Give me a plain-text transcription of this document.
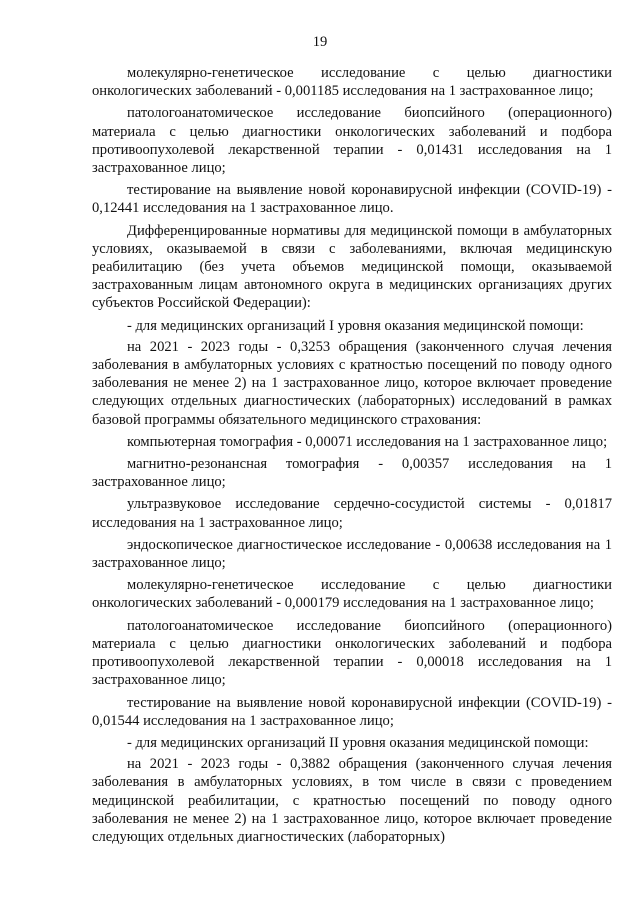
19

молекулярно-генетическое исследование с целью диагностики онкологических заболеваний - 0,001185 исследования на 1 застрахованное лицо;

патологоанатомическое исследование биопсийного (операционного) материала с целью диагностики онкологических заболеваний и подбора противоопухолевой лекарственной терапии - 0,01431 исследования на 1 застрахованное лицо;

тестирование на выявление новой коронавирусной инфекции (COVID-19) - 0,12441 исследования на 1 застрахованное лицо.

Дифференцированные нормативы для медицинской помощи в амбулаторных условиях, оказываемой в связи с заболеваниями, включая медицинскую реабилитацию (без учета объемов медицинской помощи, оказываемой застрахованным лицам автономного округа в медицинских организациях других субъектов Российской Федерации):

- для медицинских организаций I уровня оказания медицинской помощи:

на 2021 - 2023 годы - 0,3253 обращения (законченного случая лечения заболевания в амбулаторных условиях с кратностью посещений по поводу одного заболевания не менее 2) на 1 застрахованное лицо, которое включает проведение следующих отдельных диагностических (лабораторных) исследований в рамках базовой программы обязательного медицинского страхования:

компьютерная томография - 0,00071 исследования на 1 застрахованное лицо;

магнитно-резонансная томография - 0,00357 исследования на 1 застрахованное лицо;

ультразвуковое исследование сердечно-сосудистой системы - 0,01817 исследования на 1 застрахованное лицо;

эндоскопическое диагностическое исследование - 0,00638 исследования на 1 застрахованное лицо;

молекулярно-генетическое исследование с целью диагностики онкологических заболеваний - 0,000179 исследования на 1 застрахованное лицо;

патологоанатомическое исследование биопсийного (операционного) материала с целью диагностики онкологических заболеваний и подбора противоопухолевой лекарственной терапии - 0,00018 исследования на 1 застрахованное лицо;

тестирование на выявление новой коронавирусной инфекции (COVID-19) - 0,01544 исследования на 1 застрахованное лицо;

- для медицинских организаций II уровня оказания медицинской помощи:

на 2021 - 2023 годы - 0,3882 обращения (законченного случая лечения заболевания в амбулаторных условиях, в том числе в связи с проведением медицинской реабилитации, с кратностью посещений по поводу одного заболевания не менее 2) на 1 застрахованное лицо, которое включает проведение следующих отдельных диагностических (лабораторных)
